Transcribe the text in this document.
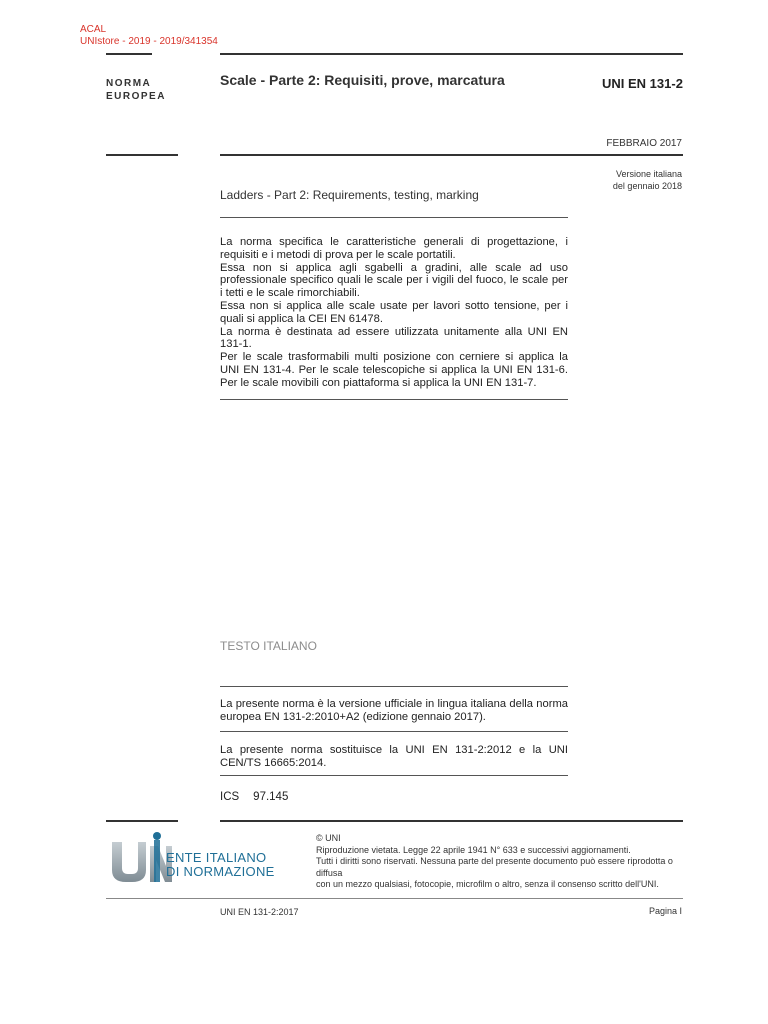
ACAL
UNIstore - 2019 - 2019/341354
NORMA
EUROPEA
Scale - Parte 2: Requisiti, prove, marcatura	UNI EN 131-2
FEBBRAIO 2017
Versione italiana
del gennaio 2018
Ladders - Part 2: Requirements, testing, marking

La norma specifica le caratteristiche generali di progettazione, i requisiti e i metodi di prova per le scale portatili.

Essa non si applica agli sgabelli a gradini, alle scale ad uso professionale specifico quali le scale per i vigili del fuoco, le scale per i tetti e le scale rimorchiabili.

Essa non si applica alle scale usate per lavori sotto tensione, per i quali si applica la CEI EN 61478.

La norma è destinata ad essere utilizzata unitamente alla UNI EN 131-1.

Per le scale trasformabili multi posizione con cerniere si applica la UNI EN 131-4. Per le scale telescopiche si applica la UNI EN 131-6. Per le scale movibili con piattaforma si applica la UNI EN 131-7.

TESTO ITALIANO
La presente norma è la versione ufficiale in lingua italiana della norma europea EN 131-2:2010+A2 (edizione gennaio 2017).
La presente norma sostituisce la UNI EN 131-2:2012 e la UNI CEN/TS 16665:2014.
ICS 97.145
ENTE ITALIANO
DI NORMAZIONE
© UNI
Riproduzione vietata. Legge 22 aprile 1941 N° 633 e successivi aggiornamenti.
Tutti i diritti sono riservati. Nessuna parte del presente documento può essere riprodotta o diffusa
con un mezzo qualsiasi, fotocopie, microfilm o altro, senza il consenso scritto dell'UNI.
UNI EN 131-2:2017	Pagina I
